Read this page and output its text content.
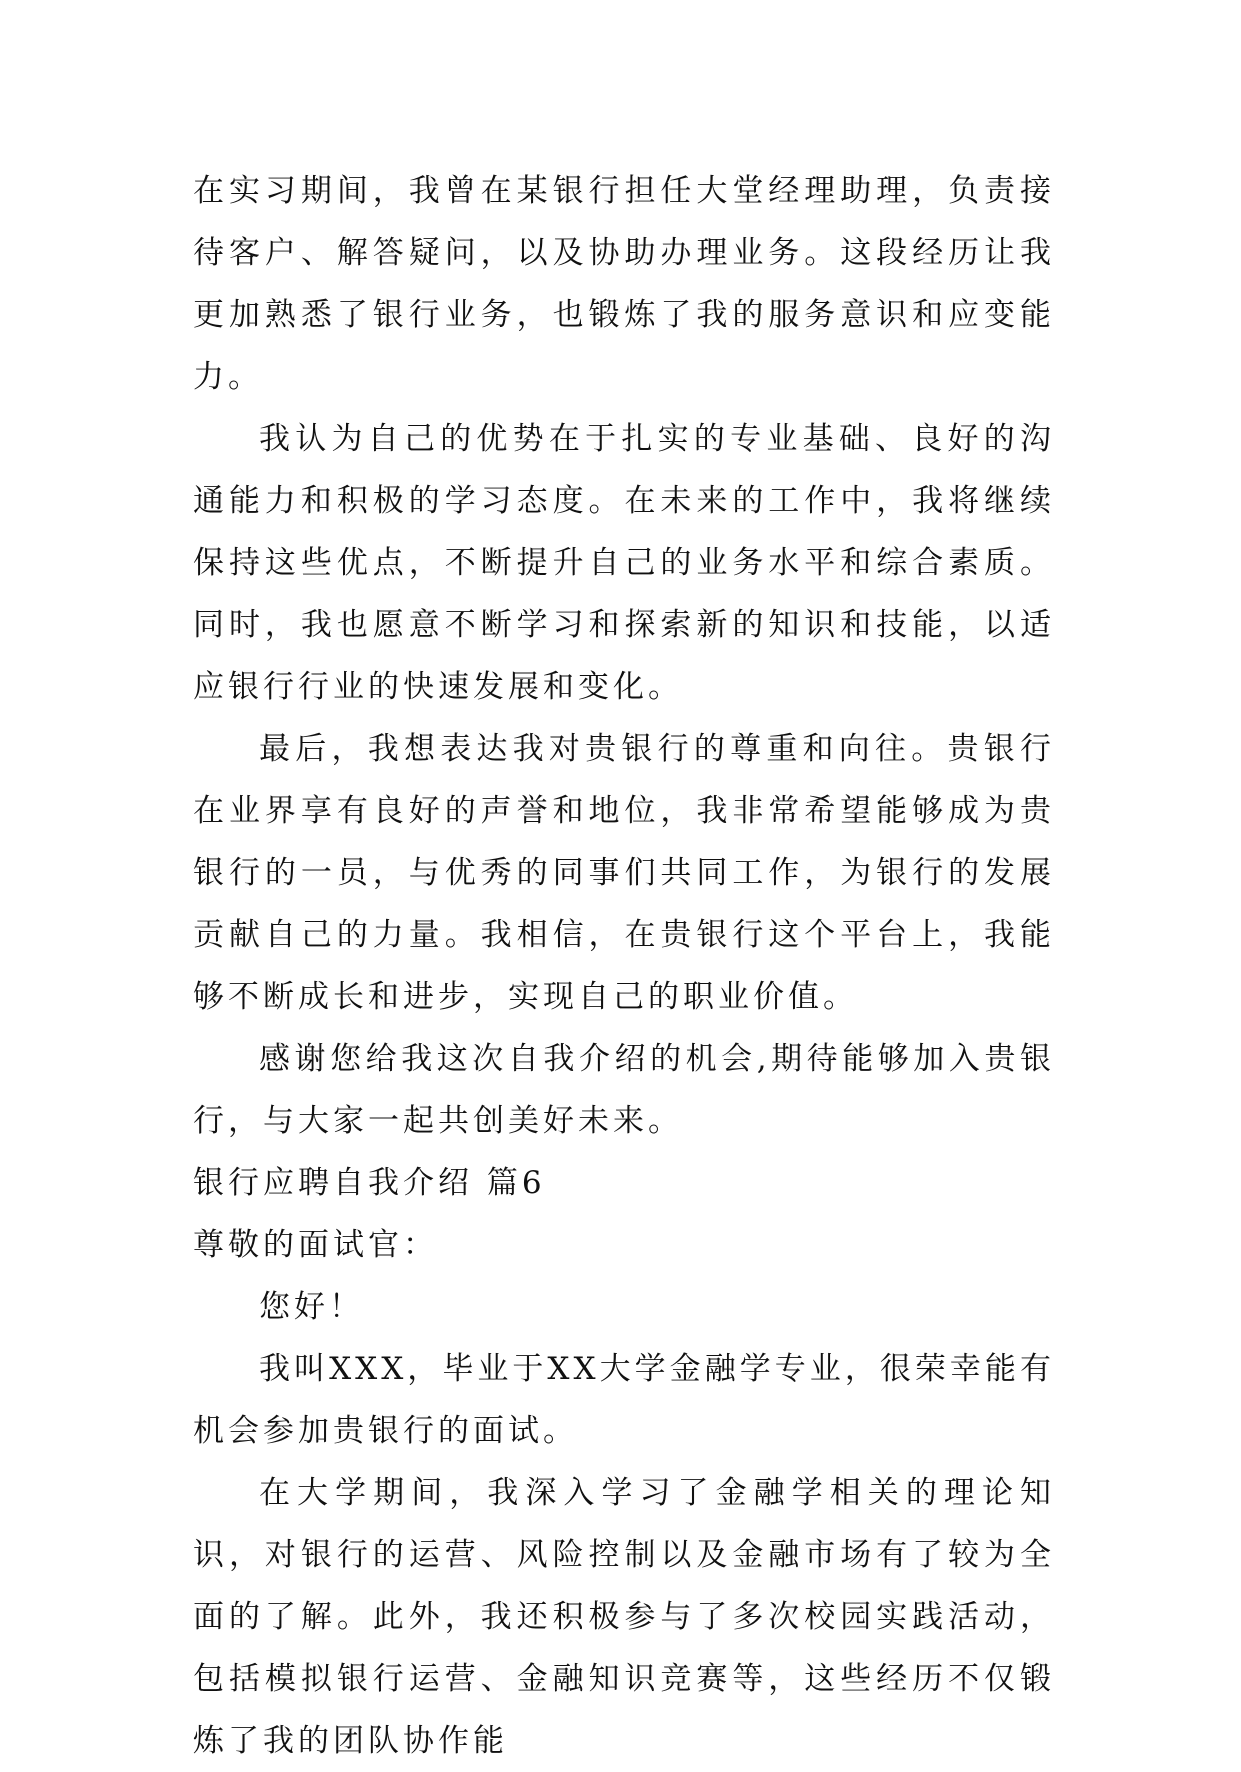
在实习期间，我曾在某银行担任大堂经理助理，负责接待客户、解答疑问，以及协助办理业务。这段经历让我更加熟悉了银行业务，也锻炼了我的服务意识和应变能力。

我认为自己的优势在于扎实的专业基础、良好的沟通能力和积极的学习态度。在未来的工作中，我将继续保持这些优点，不断提升自己的业务水平和综合素质。同时，我也愿意不断学习和探索新的知识和技能，以适应银行行业的快速发展和变化。

最后，我想表达我对贵银行的尊重和向往。贵银行在业界享有良好的声誉和地位，我非常希望能够成为贵银行的一员，与优秀的同事们共同工作，为银行的发展贡献自己的力量。我相信，在贵银行这个平台上，我能够不断成长和进步，实现自己的职业价值。

感谢您给我这次自我介绍的机会,期待能够加入贵银行，与大家一起共创美好未来。

银行应聘自我介绍 篇6

尊敬的面试官：

您好！

我叫XXX，毕业于XX大学金融学专业，很荣幸能有机会参加贵银行的面试。

在大学期间，我深入学习了金融学相关的理论知识，对银行的运营、风险控制以及金融市场有了较为全面的了解。此外，我还积极参与了多次校园实践活动，包括模拟银行运营、金融知识竞赛等，这些经历不仅锻炼了我的团队协作能
